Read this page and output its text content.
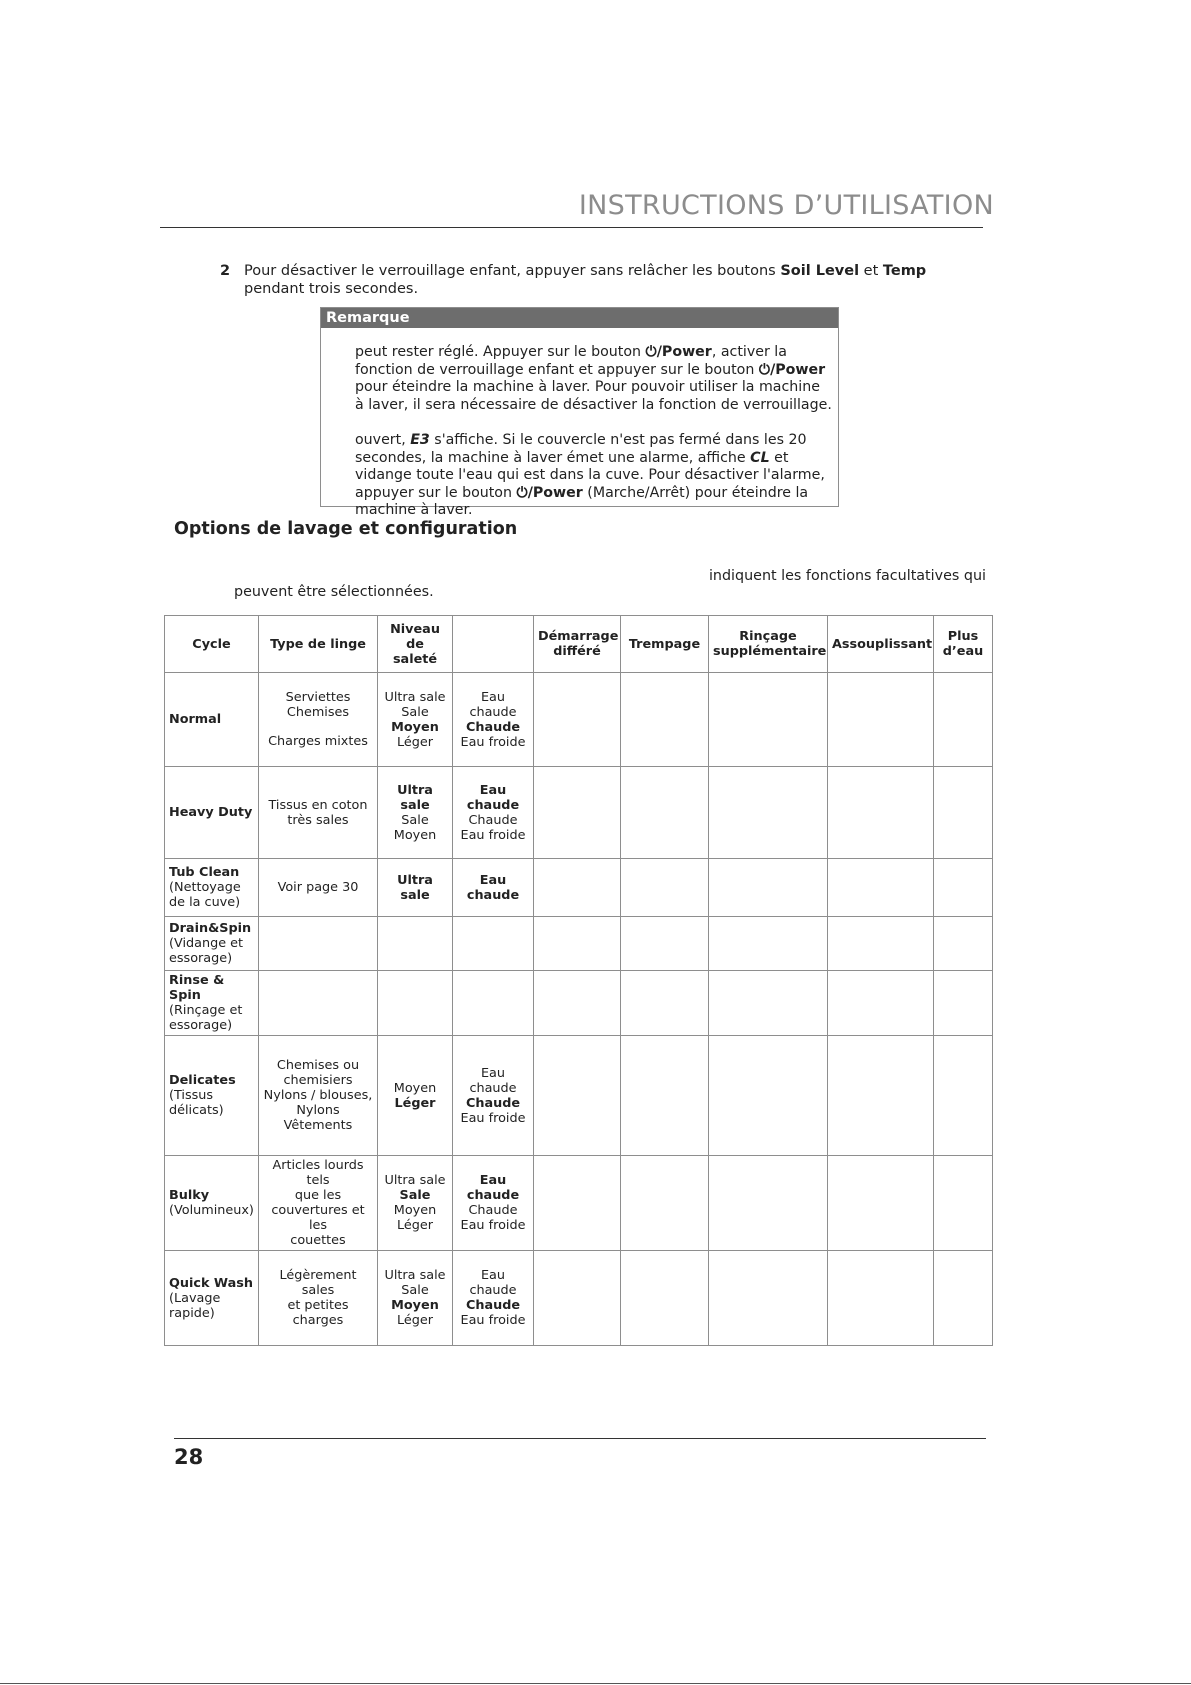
INSTRUCTIONS D’UTILISATION
2 Pour désactiver le verrouillage enfant, appuyer sans relâcher les boutons Soil Level et Temp pendant trois secondes.
Remarque
peut rester réglé. Appuyer sur le bouton ⏻/Power, activer la fonction de verrouillage enfant et appuyer sur le bouton ⏻/Power pour éteindre la machine à laver. Pour pouvoir utiliser la machine à laver, il sera nécessaire de désactiver la fonction de verrouillage.
ouvert, E3 s'affiche. Si le couvercle n'est pas fermé dans les 20 secondes, la machine à laver émet une alarme, affiche CL et vidange toute l'eau qui est dans la cuve. Pour désactiver l'alarme, appuyer sur le bouton ⏻/Power (Marche/Arrêt) pour éteindre la machine à laver.
Options de lavage et configuration
indiquent les fonctions facultatives qui
peuvent être sélectionnées.
Cycle	Type de linge	Niveau
de saleté		Démarrage
différé	Trempage	Rinçage
supplémentaire	Assouplissant	Plus
d’eau

Normal	Serviettes
Chemises
Charges mixtes	Ultra sale
Sale
Moyen
Léger	Eau chaude
Chaude
Eau froide					

Heavy Duty	Tissus en coton
très sales	Ultra sale
Sale
Moyen	Eau chaude
Chaude
Eau froide					

Tub Clean
(Nettoyage de la cuve)	Voir page 30	Ultra sale	Eau
chaude					

Drain&Spin
(Vidange et essorage)								

Rinse & Spin
(Rinçage et essorage)								

Delicates
(Tissus délicats)	Chemises ou
chemisiers
Nylons / blouses,
Nylons
Vêtements	Moyen
Léger	Eau chaude
Chaude
Eau froide					

Bulky
(Volumineux)	Articles lourds tels
que les
couvertures et les
couettes	Ultra sale
Sale
Moyen
Léger	Eau chaude
Chaude
Eau froide					

Quick Wash
(Lavage rapide)	Légèrement sales
et petites charges	Ultra sale
Sale
Moyen
Léger	Eau chaude
Chaude
Eau froide					

28
